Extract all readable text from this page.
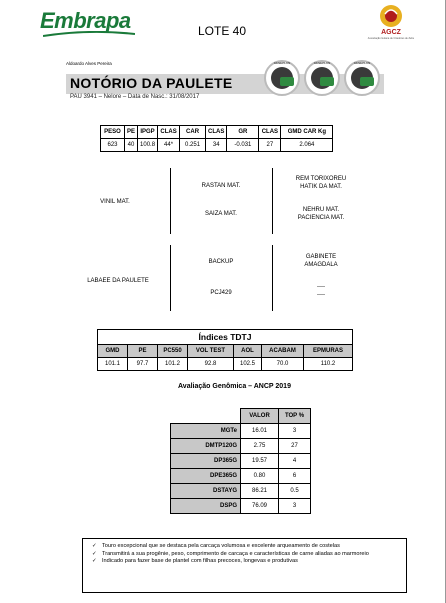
Embrapa	LOTE 40	AGCZ
Associação Goiana de Criadores de Zebu
Aldoardo Alves Pereira
NOTÓRIO DA PAULETE
PAU 3941 – Nelore – Data de Nasc.: 31/08/2017
GENEPLUS	GENEPLUS	GENEPLUS
PESO	PE	IPGP	CLAS	CAR	CLAS	GR	CLAS	GMD CAR Kg
623	40	100.8	44*	0.251	34	-0.031	27	2.064
VINIL MAT.
RASTAN MAT.
SAIZA MAT.
REM TORIXOREU
HATIK DA MAT.
NEHRU MAT.
PACIENCIA MAT.
LABAEE DA PAULETE
BACKUP
PCJ429
GABINETE
AMAGDALA
----
----
Índices TDTJ
GMD	PE	PC550	VOL TEST	AOL	ACABAM	EPMURAS
101.1	97.7	101.2	92.8	102.5	70.0	110.2
Avaliação Genômica – ANCP 2019
	VALOR	TOP %
MGTe	16.01	3
DMTP120G	2.75	27
DP365G	19.57	4
DPE365G	0.80	6
DSTAYG	86.21	0.5
DSPG	76.09	3
✓ Touro excepcional que se destaca pela carcaça volumosa e excelente arqueamento de costelas
✓ Transmitirá a sua progênie, peso, comprimento de carcaça e características de carne aliadas ao marmoreio
✓ Indicado para fazer base de plantel com filhas precoces, longevas e produtivas
